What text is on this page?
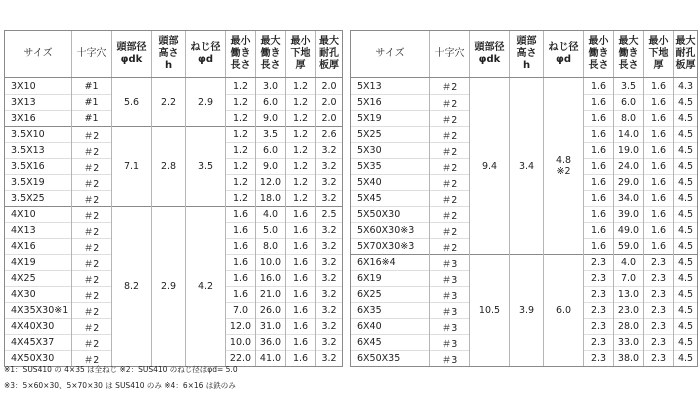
サイズ	十字穴
頭部径
φdk
頭部
高さ
h
ねじ径
φd
最小
働き
長さ
最大
働き
長さ
最小
下地厚
最大
耐孔
板厚
3X10
3X13
3X16
3.5X10
3.5X13
3.5X16
3.5X19
3.5X25
4X10
4X13
4X16
4X19
4X25
4X30
4X35X30※1
4X40X30
4X45X37
4X50X30
#1
#1
#1
＃2
＃2
＃2
＃2
＃2
＃2
＃2
＃2
＃2
＃2
＃2
＃2
＃2
＃2
＃2
5.6
7.1
8.2
2.2
2.8
2.9
2.9
3.5
4.2
1.2
1.2
1.2
1.2
1.2
1.2
1.2
1.2
1.6
1.6
1.6
1.6
1.6
1.6
7.0
12.0
10.0
22.0
3.0
6.0
9.0
3.5
6.0
9.0
12.0
18.0
4.0
5.0
8.0
10.0
16.0
21.0
26.0
31.0
36.0
41.0
1.2
1.2
1.2
1.2
1.2
1.2
1.2
1.2
1.6
1.6
1.6
1.6
1.6
1.6
1.6
1.6
1.6
1.6
2.0
2.0
2.0
2.6
3.2
3.2
3.2
3.2
2.5
3.2
3.2
3.2
3.2
3.2
3.2
3.2
3.2
3.2
サイズ	十字穴
頭部径
φdk
頭部
高さ
h
ねじ径
φd
最小
働き
長さ
最大
働き
長さ
最小
下地厚
最大
耐孔
板厚
5X13
5X16
5X19
5X25
5X30
5X35
5X40
5X45
5X50X30
5X60X30※3
5X70X30※3
6X16※4
6X19
6X25
6X35
6X40
6X45
6X50X35
＃2
＃2
＃2
＃2
＃2
＃2
＃2
＃2
＃2
＃2
＃2
＃3
＃3
＃3
＃3
＃3
＃3
＃3
9.4
10.5
3.4
3.9
4.8
※2
6.0
1.6
1.6
1.6
1.6
1.6
1.6
1.6
1.6
1.6
1.6
1.6
2.3
2.3
2.3
2.3
2.3
2.3
2.3
3.5
6.0
8.0
14.0
19.0
24.0
29.0
34.0
39.0
49.0
59.0
4.0
7.0
13.0
23.0
28.0
33.0
38.0
1.6
1.6
1.6
1.6
1.6
1.6
1.6
1.6
1.6
1.6
1.6
2.3
2.3
2.3
2.3
2.3
2.3
2.3
4.3
4.5
4.5
4.5
4.5
4.5
4.5
4.5
4.5
4.5
4.5
4.5
4.5
4.5
4.5
4.5
4.5
4.5
※1：SUS410 の 4×35 は全ねじ ※2：SUS410 のねじ径はφd= 5.0
※3：5×60×30、5×70×30 は SUS410 のみ ※4：6×16 は鉄のみ
